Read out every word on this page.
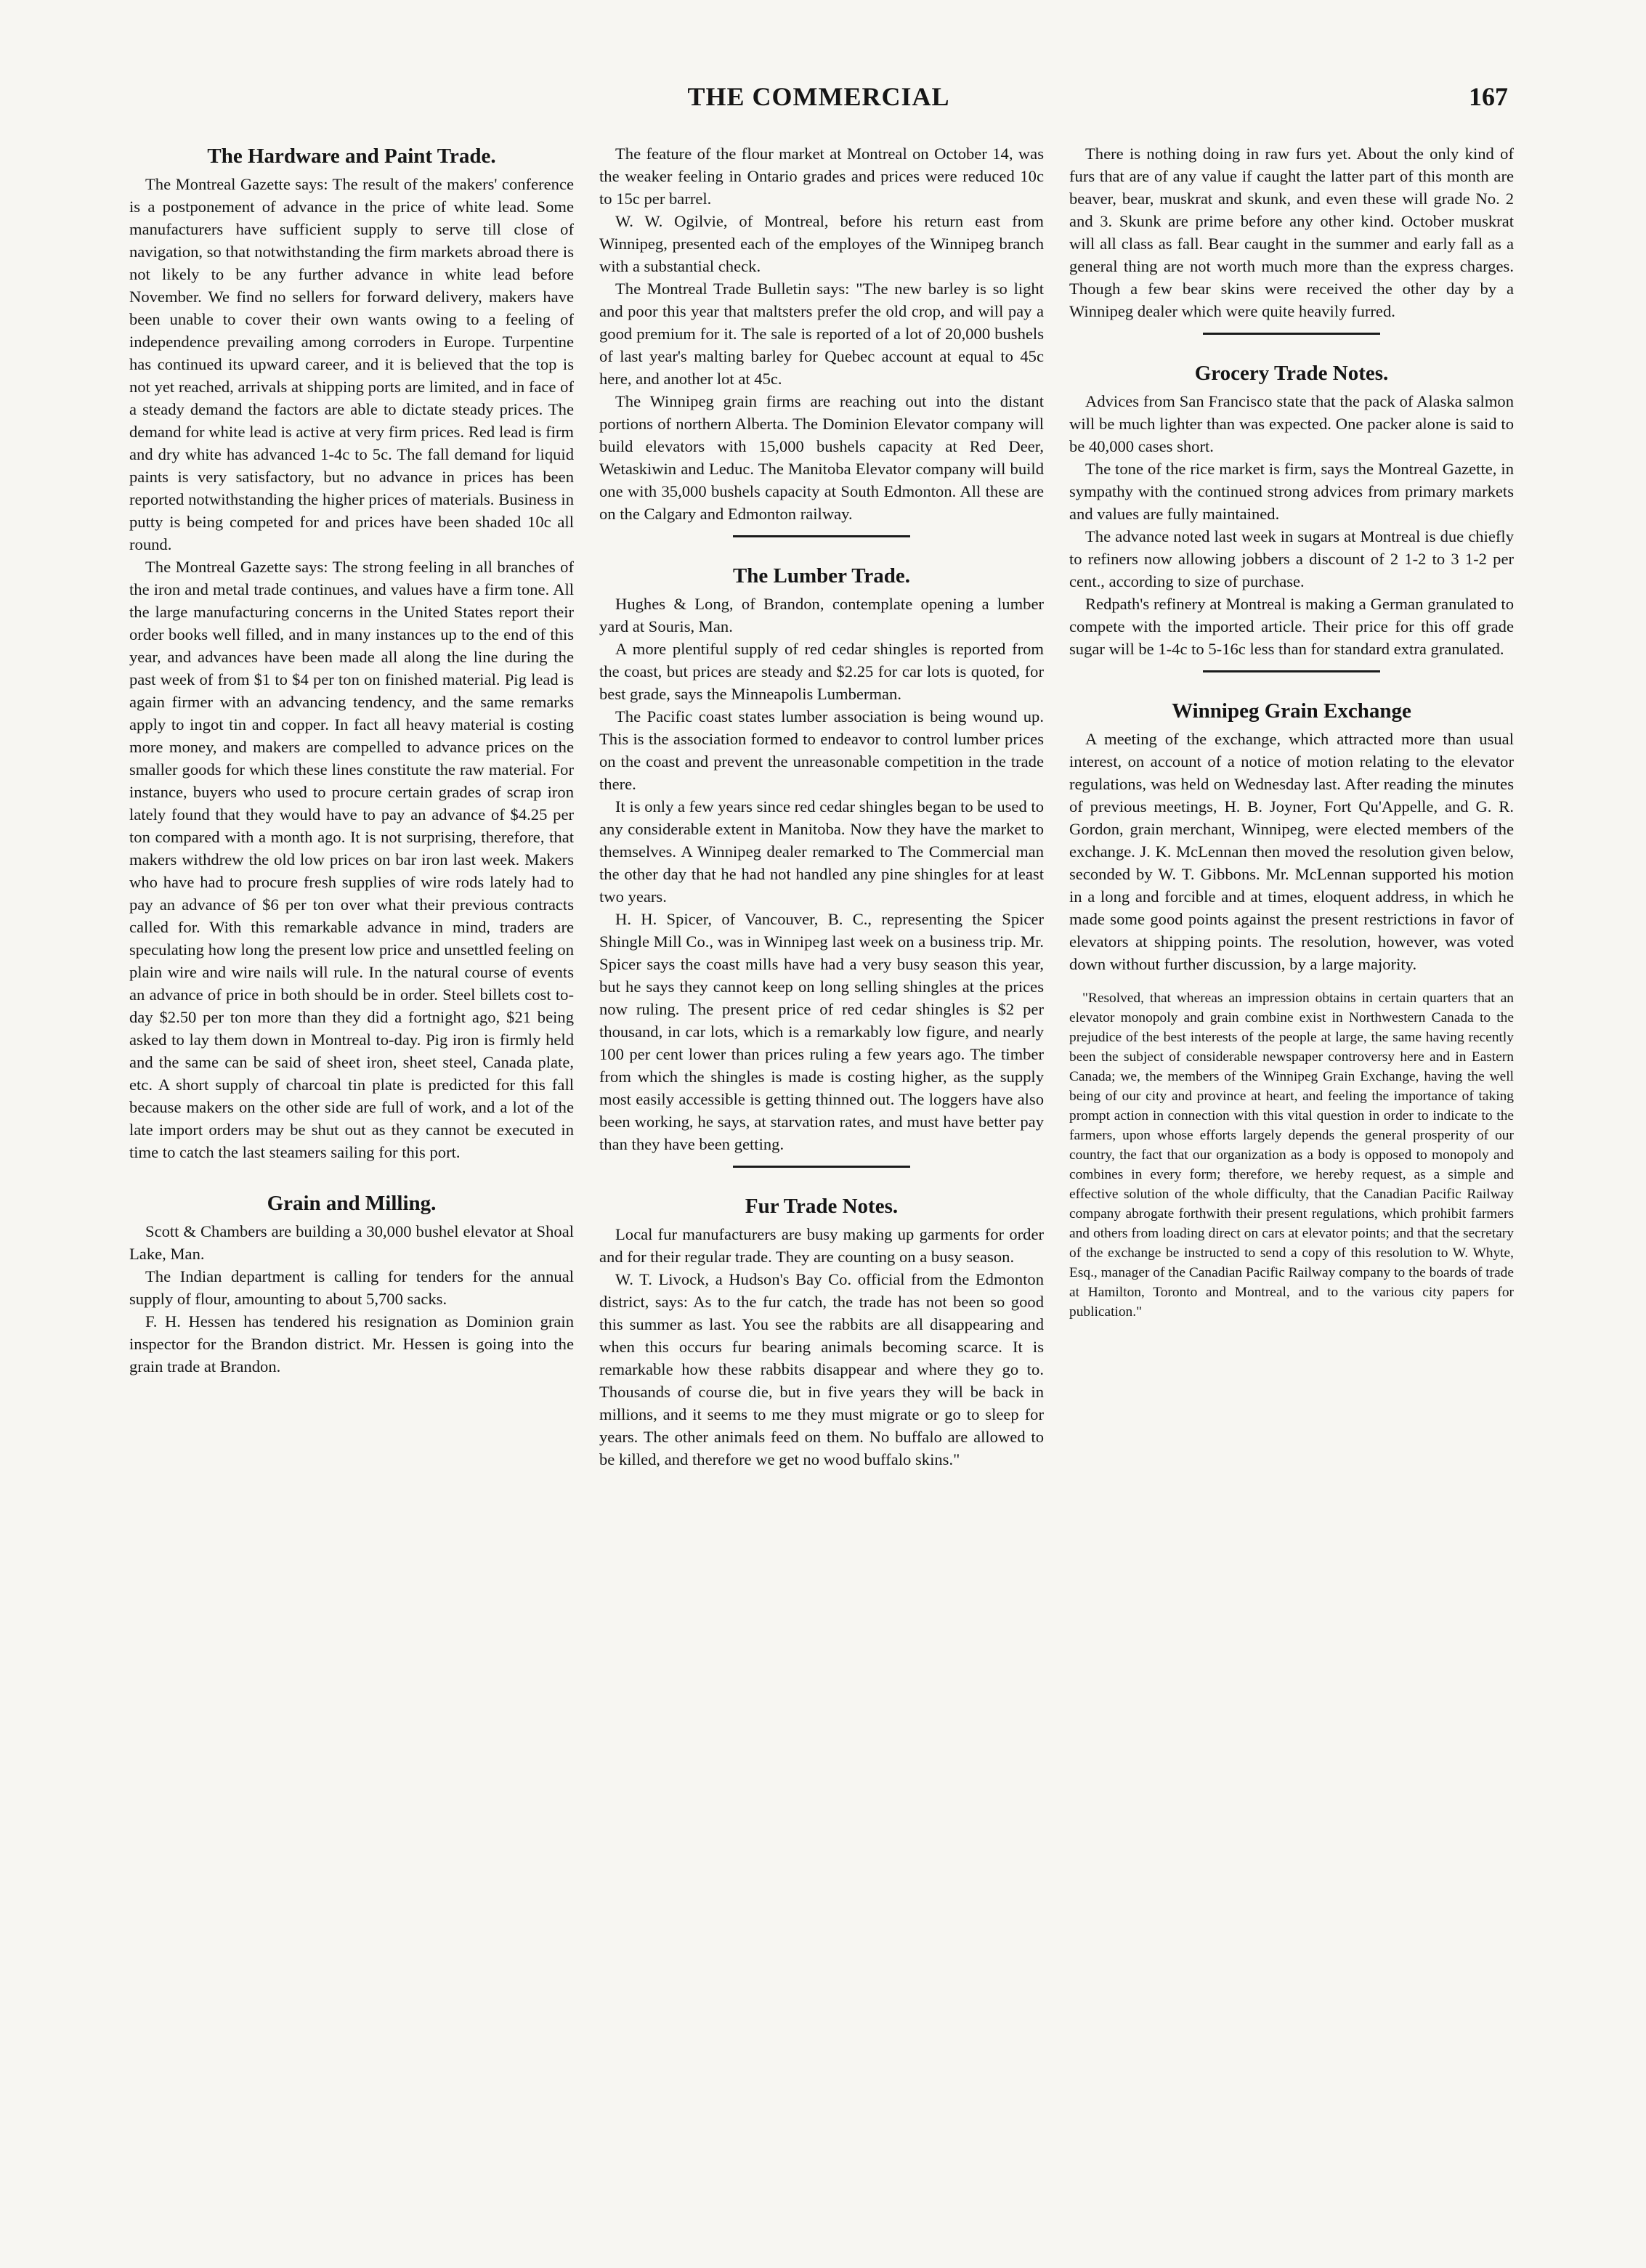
THE COMMERCIAL	167
The Hardware and Paint Trade.

The Montreal Gazette says: The result of the makers' conference is a postponement of advance in the price of white lead. Some manufacturers have sufficient supply to serve till close of navigation, so that notwithstanding the firm markets abroad there is not likely to be any further advance in white lead before November. We find no sellers for forward delivery, makers have been unable to cover their own wants owing to a feeling of independence prevailing among corroders in Europe. Turpentine has continued its upward career, and it is believed that the top is not yet reached, arrivals at shipping ports are limited, and in face of a steady demand the factors are able to dictate steady prices. The demand for white lead is active at very firm prices. Red lead is firm and dry white has advanced 1-4c to 5c. The fall demand for liquid paints is very satisfactory, but no advance in prices has been reported notwithstanding the higher prices of materials. Business in putty is being competed for and prices have been shaded 10c all round.

The Montreal Gazette says: The strong feeling in all branches of the iron and metal trade continues, and values have a firm tone. All the large manufacturing concerns in the United States report their order books well filled, and in many instances up to the end of this year, and advances have been made all along the line during the past week of from $1 to $4 per ton on finished material. Pig lead is again firmer with an advancing tendency, and the same remarks apply to ingot tin and copper. In fact all heavy material is costing more money, and makers are compelled to advance prices on the smaller goods for which these lines constitute the raw material. For instance, buyers who used to procure certain grades of scrap iron lately found that they would have to pay an advance of $4.25 per ton compared with a month ago. It is not surprising, therefore, that makers withdrew the old low prices on bar iron last week. Makers who have had to procure fresh supplies of wire rods lately had to pay an advance of $6 per ton over what their previous contracts called for. With this remarkable advance in mind, traders are speculating how long the present low price and unsettled feeling on plain wire and wire nails will rule. In the natural course of events an advance of price in both should be in order. Steel billets cost to-day $2.50 per ton more than they did a fortnight ago, $21 being asked to lay them down in Montreal to-day. Pig iron is firmly held and the same can be said of sheet iron, sheet steel, Canada plate, etc. A short supply of charcoal tin plate is predicted for this fall because makers on the other side are full of work, and a lot of the late import orders may be shut out as they cannot be executed in time to catch the last steamers sailing for this port.

Grain and Milling.

Scott & Chambers are building a 30,000 bushel elevator at Shoal Lake, Man.

The Indian department is calling for tenders for the annual supply of flour, amounting to about 5,700 sacks.

F. H. Hessen has tendered his resignation as Dominion grain inspector for the Brandon district. Mr. Hessen is going into the grain trade at Brandon.

The feature of the flour market at Montreal on October 14, was the weaker feeling in Ontario grades and prices were reduced 10c to 15c per barrel.

W. W. Ogilvie, of Montreal, before his return east from Winnipeg, presented each of the employes of the Winnipeg branch with a substantial check.

The Montreal Trade Bulletin says: "The new barley is so light and poor this year that maltsters prefer the old crop, and will pay a good premium for it. The sale is reported of a lot of 20,000 bushels of last year's malting barley for Quebec account at equal to 45c here, and another lot at 45c.

The Winnipeg grain firms are reaching out into the distant portions of northern Alberta. The Dominion Elevator company will build elevators with 15,000 bushels capacity at Red Deer, Wetaskiwin and Leduc. The Manitoba Elevator company will build one with 35,000 bushels capacity at South Edmonton. All these are on the Calgary and Edmonton railway.

The Lumber Trade.

Hughes & Long, of Brandon, contemplate opening a lumber yard at Souris, Man.

A more plentiful supply of red cedar shingles is reported from the coast, but prices are steady and $2.25 for car lots is quoted, for best grade, says the Minneapolis Lumberman.

The Pacific coast states lumber association is being wound up. This is the association formed to endeavor to control lumber prices on the coast and prevent the unreasonable competition in the trade there.

It is only a few years since red cedar shingles began to be used to any considerable extent in Manitoba. Now they have the market to themselves. A Winnipeg dealer remarked to The Commercial man the other day that he had not handled any pine shingles for at least two years.

H. H. Spicer, of Vancouver, B. C., representing the Spicer Shingle Mill Co., was in Winnipeg last week on a business trip. Mr. Spicer says the coast mills have had a very busy season this year, but he says they cannot keep on long selling shingles at the prices now ruling. The present price of red cedar shingles is $2 per thousand, in car lots, which is a remarkably low figure, and nearly 100 per cent lower than prices ruling a few years ago. The timber from which the shingles is made is costing higher, as the supply most easily accessible is getting thinned out. The loggers have also been working, he says, at starvation rates, and must have better pay than they have been getting.

Fur Trade Notes.

Local fur manufacturers are busy making up garments for order and for their regular trade. They are counting on a busy season.

W. T. Livock, a Hudson's Bay Co. official from the Edmonton district, says: As to the fur catch, the trade has not been so good this summer as last. You see the rabbits are all disappearing and when this occurs fur bearing animals becoming scarce. It is remarkable how these rabbits disappear and where they go to. Thousands of course die, but in five years they will be back in millions, and it seems to me they must migrate or go to sleep for years. The other animals feed on them. No buffalo are allowed to be killed, and therefore we get no wood buffalo skins."

There is nothing doing in raw furs yet. About the only kind of furs that are of any value if caught the latter part of this month are beaver, bear, muskrat and skunk, and even these will grade No. 2 and 3. Skunk are prime before any other kind. October muskrat will all class as fall. Bear caught in the summer and early fall as a general thing are not worth much more than the express charges. Though a few bear skins were received the other day by a Winnipeg dealer which were quite heavily furred.

Grocery Trade Notes.

Advices from San Francisco state that the pack of Alaska salmon will be much lighter than was expected. One packer alone is said to be 40,000 cases short.

The tone of the rice market is firm, says the Montreal Gazette, in sympathy with the continued strong advices from primary markets and values are fully maintained.

The advance noted last week in sugars at Montreal is due chiefly to refiners now allowing jobbers a discount of 2 1-2 to 3 1-2 per cent., according to size of purchase.

Redpath's refinery at Montreal is making a German granulated to compete with the imported article. Their price for this off grade sugar will be 1-4c to 5-16c less than for standard extra granulated.

Winnipeg Grain Exchange

A meeting of the exchange, which attracted more than usual interest, on account of a notice of motion relating to the elevator regulations, was held on Wednesday last. After reading the minutes of previous meetings, H. B. Joyner, Fort Qu'Appelle, and G. R. Gordon, grain merchant, Winnipeg, were elected members of the exchange. J. K. McLennan then moved the resolution given below, seconded by W. T. Gibbons. Mr. McLennan supported his motion in a long and forcible and at times, eloquent address, in which he made some good points against the present restrictions in favor of elevators at shipping points. The resolution, however, was voted down without further discussion, by a large majority.

"Resolved, that whereas an impression obtains in certain quarters that an elevator monopoly and grain combine exist in Northwestern Canada to the prejudice of the best interests of the people at large, the same having recently been the subject of considerable newspaper controversy here and in Eastern Canada; we, the members of the Winnipeg Grain Exchange, having the well being of our city and province at heart, and feeling the importance of taking prompt action in connection with this vital question in order to indicate to the farmers, upon whose efforts largely depends the general prosperity of our country, the fact that our organization as a body is opposed to monopoly and combines in every form; therefore, we hereby request, as a simple and effective solution of the whole difficulty, that the Canadian Pacific Railway company abrogate forthwith their present regulations, which prohibit farmers and others from loading direct on cars at elevator points; and that the secretary of the exchange be instructed to send a copy of this resolution to W. Whyte, Esq., manager of the Canadian Pacific Railway company to the boards of trade at Hamilton, Toronto and Montreal, and to the various city papers for publication."
